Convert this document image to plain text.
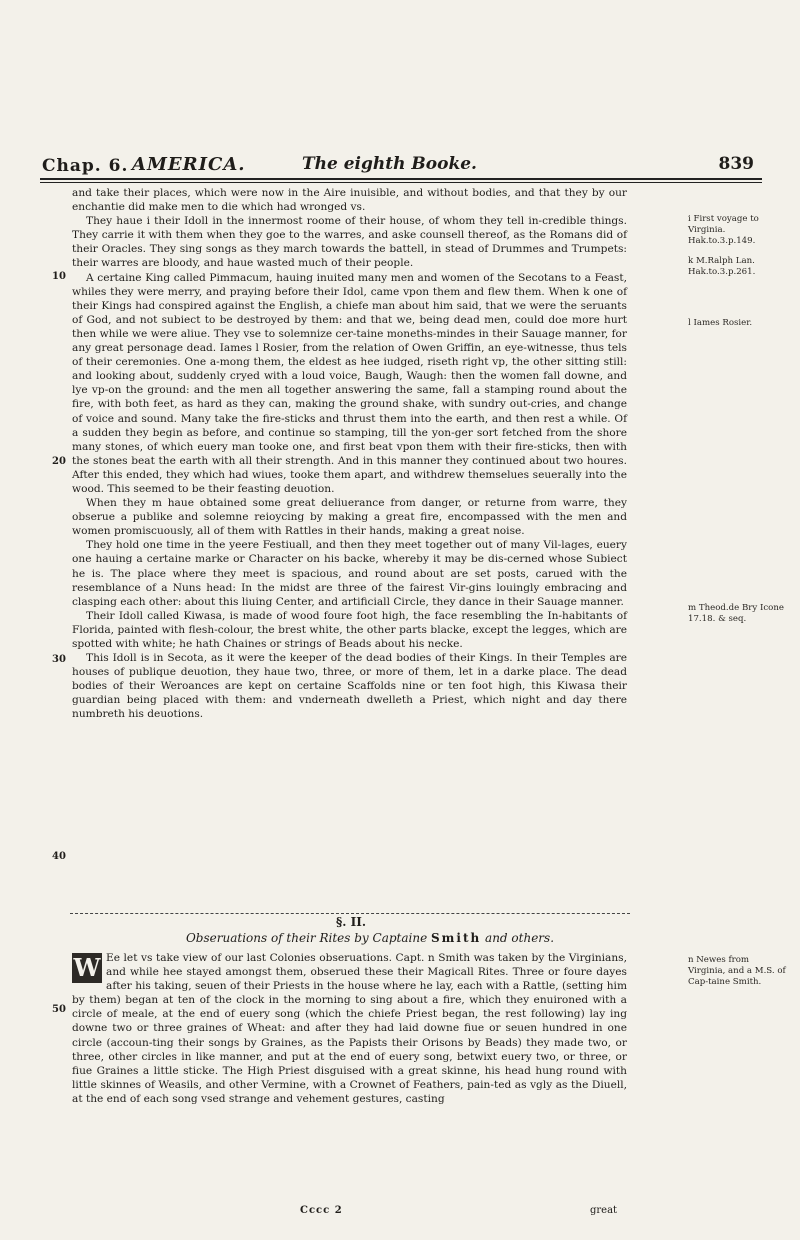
Chap. 6. AMERICA.	The eighth Booke.	839
10
20
30
40
50

and take their places, which were now in the Aire inuisible, and without bodies, and that they by our enchantie did make men to die which had wronged vs.

They haue i their Idoll in the innermost roome of their house, of whom they tell in-credible things. They carrie it with them when they goe to the warres, and aske counsell thereof, as the Romans did of their Oracles. They sing songs as they march towards the battell, in stead of Drummes and Trumpets: their warres are bloody, and haue wasted much of their people.

A certaine King called Pimmacum, hauing inuited many men and women of the Secotans to a Feast, whiles they were merry, and praying before their Idol, came vpon them and flew them. When k one of their Kings had conspired against the English, a chiefe man about him said, that we were the seruants of God, and not subiect to be destroyed by them: and that we, being dead men, could doe more hurt then while we were aliue. They vse to solemnize cer-taine moneths-mindes in their Sauage manner, for any great personage dead. Iames l Rosier, from the relation of Owen Griffin, an eye-witnesse, thus tels of their ceremonies. One a-mong them, the eldest as hee iudged, riseth right vp, the other sitting still: and looking about, suddenly cryed with a loud voice, Baugh, Waugh: then the women fall downe, and lye vp-on the ground: and the men all together answering the same, fall a stamping round about the fire, with both feet, as hard as they can, making the ground shake, with sundry out-cries, and change of voice and sound. Many take the fire-sticks and thrust them into the earth, and then rest a while. Of a sudden they begin as before, and continue so stamping, till the yon-ger sort fetched from the shore many stones, of which euery man tooke one, and first beat vpon them with their fire-sticks, then with the stones beat the earth with all their strength. And in this manner they continued about two houres. After this ended, they which had wiues, tooke them apart, and withdrew themselues seuerally into the wood. This seemed to be their feasting deuotion.

When they m haue obtained some great deliuerance from danger, or returne from warre, they obserue a publike and solemne reioycing by making a great fire, encompassed with the men and women promiscuously, all of them with Rattles in their hands, making a great noise.

They hold one time in the yeere Festiuall, and then they meet together out of many Vil-lages, euery one hauing a certaine marke or Character on his backe, whereby it may be dis-cerned whose Subiect he is. The place where they meet is spacious, and round about are set posts, carued with the resemblance of a Nuns head: In the midst are three of the fairest Vir-gins louingly embracing and clasping each other: about this liuing Center, and artificiall Circle, they dance in their Sauage manner.

Their Idoll called Kiwasa, is made of wood foure foot high, the face resembling the In-habitants of Florida, painted with flesh-colour, the brest white, the other parts blacke, except the legges, which are spotted with white; he hath Chaines or strings of Beads about his necke.

This Idoll is in Secota, as it were the keeper of the dead bodies of their Kings. In their Temples are houses of publique deuotion, they haue two, three, or more of them, let in a darke place. The dead bodies of their Weroances are kept on certaine Scaffolds nine or ten foot high, this Kiwasa their guardian being placed with them: and vnderneath dwelleth a Priest, which night and day there numbreth his deuotions.

i First voyage to Virginia. Hak.to.3.p.149.
k M.Ralph Lan. Hak.to.3.p.261.
l Iames Rosier.
m Theod.de Bry Icone 17.18. & seq.
n Newes from Virginia, and a M.S. of Cap-taine Smith.
§. II.
Obseruations of their Rites by Captaine Smith and others.
W Ee let vs take view of our last Colonies obseruations. Capt. n Smith was taken by the Virginians, and while hee stayed amongst them, obserued these their Magicall Rites. Three or foure dayes after his taking, seuen of their Priests in the house where he lay, each with a Rattle, (setting him by them) began at ten of the clock in the morning to sing about a fire, which they enuironed with a circle of meale, at the end of euery song (which the chiefe Priest began, the rest following) lay ing downe two or three graines of Wheat: and after they had laid downe fiue or seuen hundred in one circle (accoun-ting their songs by Graines, as the Papists their Orisons by Beads) they made two, or three, other circles in like manner, and put at the end of euery song, betwixt euery two, or three, or fiue Graines a little sticke. The High Priest disguised with a great skinne, his head hung round with little skinnes of Weasils, and other Vermine, with a Crownet of Feathers, pain-ted as vgly as the Diuell, at the end of each song vsed strange and vehement gestures, casting

Cccc 2	great
